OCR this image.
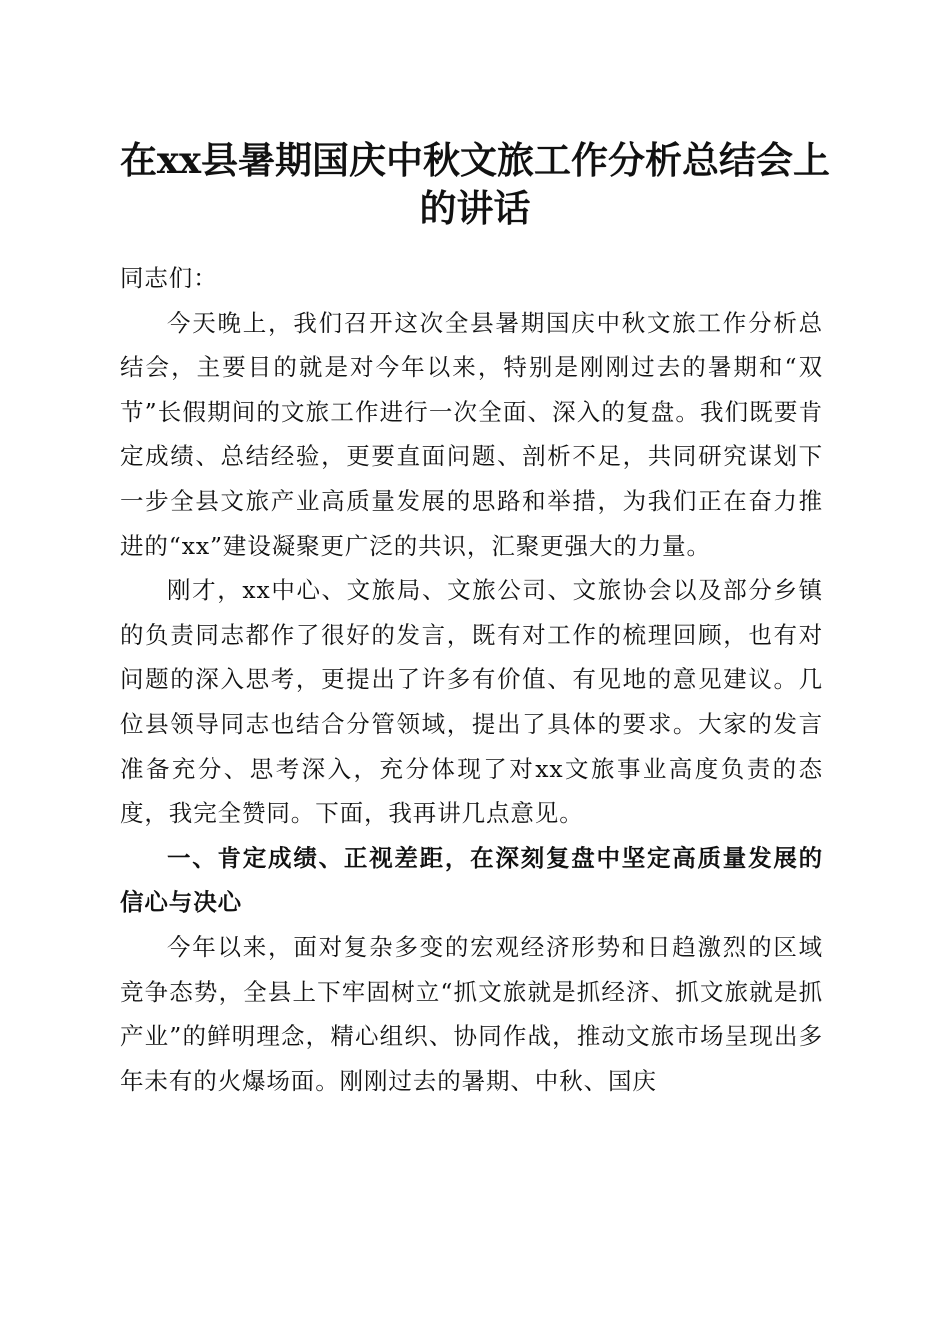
在xx县暑期国庆中秋文旅工作分析总结会上
的讲话

同志们：

今天晚上，我们召开这次全县暑期国庆中秋文旅工作分析总结会，主要目的就是对今年以来，特别是刚刚过去的暑期和“双节”长假期间的文旅工作进行一次全面、深入的复盘。我们既要肯定成绩、总结经验，更要直面问题、剖析不足，共同研究谋划下一步全县文旅产业高质量发展的思路和举措，为我们正在奋力推进的“xx”建设凝聚更广泛的共识，汇聚更强大的力量。

刚才，xx中心、文旅局、文旅公司、文旅协会以及部分乡镇的负责同志都作了很好的发言，既有对工作的梳理回顾，也有对问题的深入思考，更提出了许多有价值、有见地的意见建议。几位县领导同志也结合分管领域，提出了具体的要求。大家的发言准备充分、思考深入，充分体现了对xx文旅事业高度负责的态度，我完全赞同。下面，我再讲几点意见。

一、肯定成绩、正视差距，在深刻复盘中坚定高质量发展的信心与决心

今年以来，面对复杂多变的宏观经济形势和日趋激烈的区域竞争态势，全县上下牢固树立“抓文旅就是抓经济、抓文旅就是抓产业”的鲜明理念，精心组织、协同作战，推动文旅市场呈现出多年未有的火爆场面。刚刚过去的暑期、中秋、国庆
